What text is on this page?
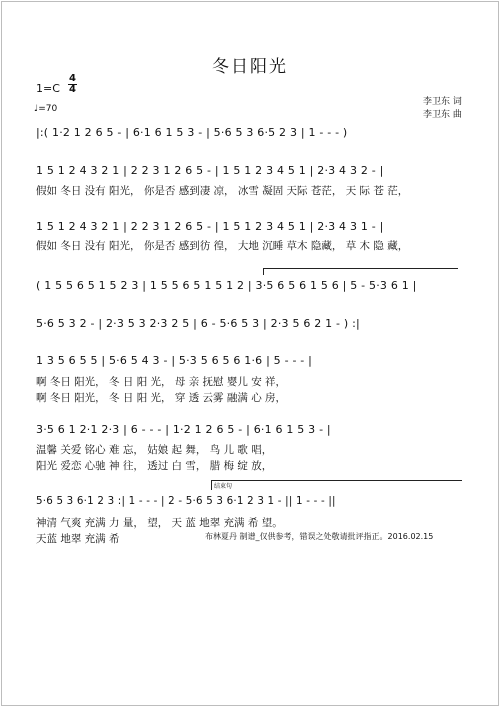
冬日阳光
1=C
4
4
♩=70
李卫东 词
李卫东 曲
|:( 1·2 1 2 6 5 - | 6·1 6 1 5 3 - | 5·6 5 3 6·5 2 3 | 1 - - - )
1 5 1 2 4 3 2 1 | 2 2 3 1 2 6 5 - | 1 5 1 2 3 4 5 1 | 2·3 4 3 2 - |
假如 冬日 没有 阳光， 你是否 感到凄 凉， 冰雪 凝固 天际 苍茫， 天 际 苍 茫，
1 5 1 2 4 3 2 1 | 2 2 3 1 2 6 5 - | 1 5 1 2 3 4 5 1 | 2·3 4 3 1 - |
假如 冬日 没有 阳光， 你是否 感到彷 徨， 大地 沉睡 草木 隐藏， 草 木 隐 藏，
( 1 5 5 6 5 1 5 2 3 | 1 5 5 6 5 1 5 1 2 | 3·5 6 5 6 1 5 6 | 5 - 5·3 6 1 |
5·6 5 3 2 - | 2·3 5 3 2·3 2 5 | 6 - 5·6 5 3 | 2·3 5 6 2 1 - ) :|
1 3 5 6 5 5 | 5·6 5 4 3 - | 5·3 5 6 5 6 1·6 | 5 - - - |
啊 冬日 阳光， 冬 日 阳 光， 母 亲 抚慰 婴儿 安 祥，
啊 冬日 阳光， 冬 日 阳 光， 穿 透 云雾 融满 心 房，
3·5 6 1 2·1 2·3 | 6 - - - | 1·2 1 2 6 5 - | 6·1 6 1 5 3 - |
温馨 关爱 铭心 难 忘， 姑娘 起 舞， 鸟 儿 歌 唱，
阳光 爱恋 心驰 神 往， 透过 白 雪， 腊 梅 绽 放，
结束句
5·6 5 3 6·1 2 3 :| 1 - - - | 2 - 5·6 5 3 6·1 2 3 1 - || 1 - - - ||
神清 气爽 充满 力 量， 望， 天 蓝 地翠 充满 希 望。
天蓝 地翠 充满 希	布林夏丹 制谱_仅供参考，错误之处敬请批评指正。2016.02.15
